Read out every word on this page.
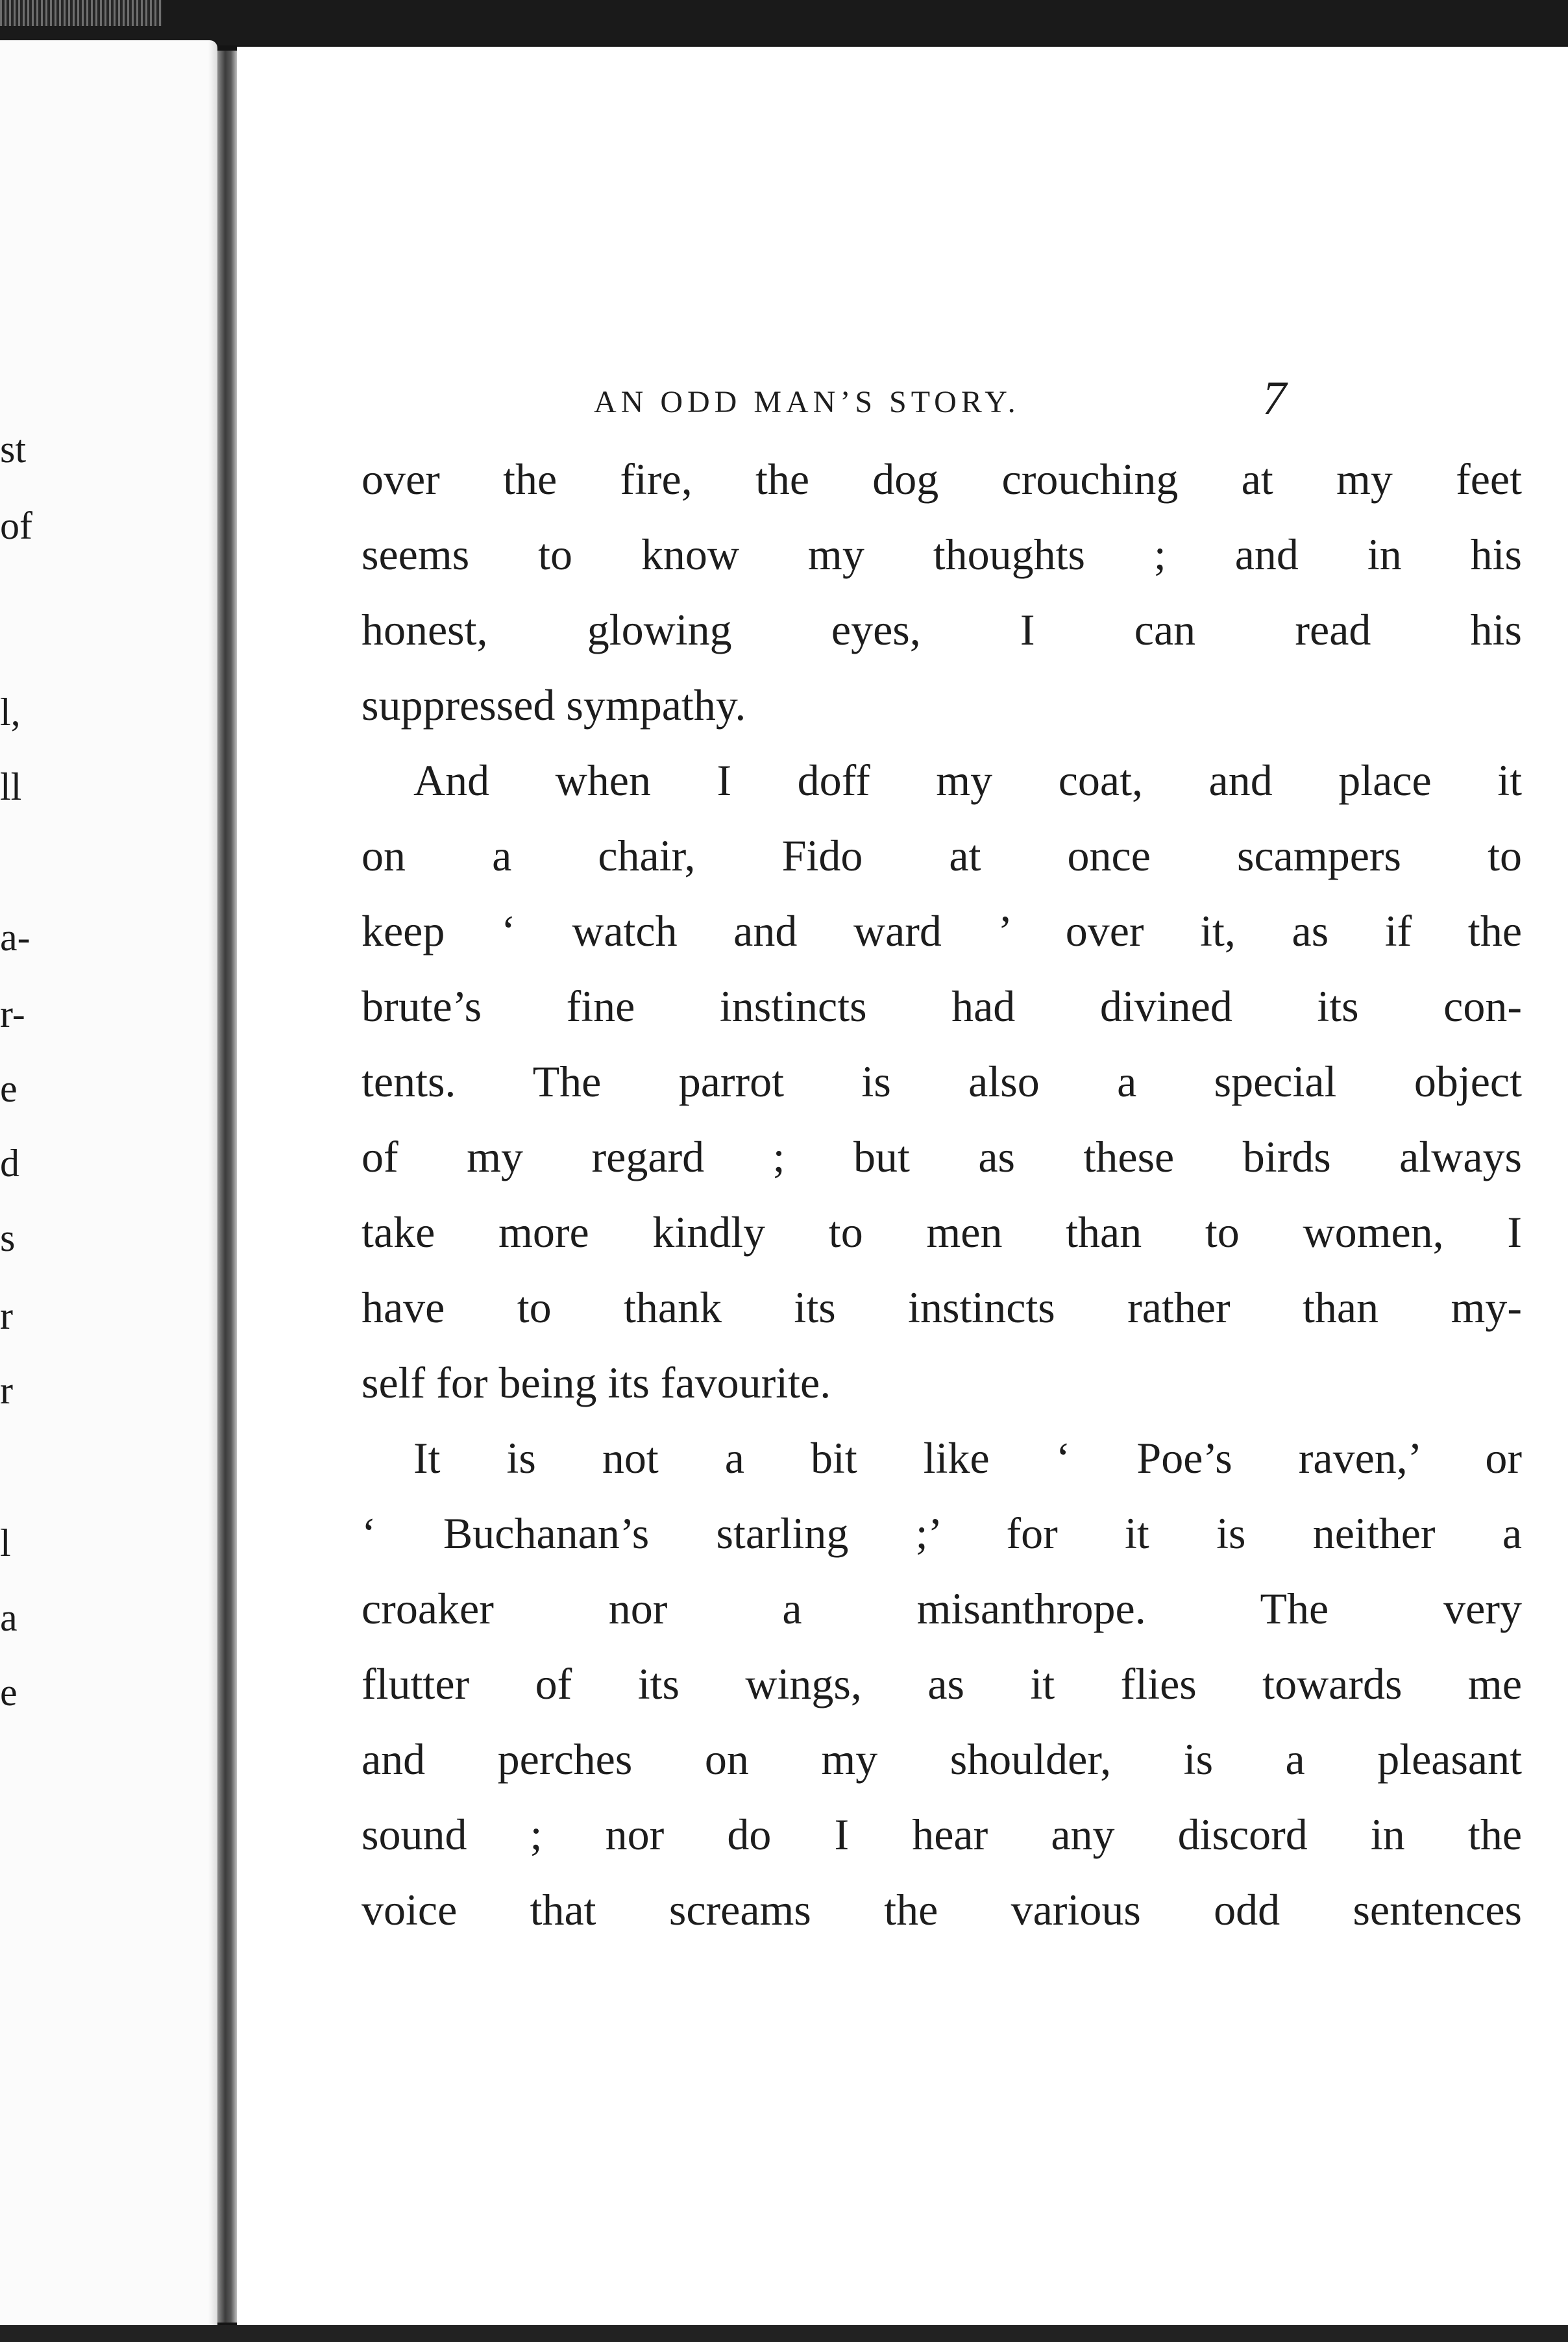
st
of
l,
ll
a-
r-
e
d
s
r
r
l
a
e
AN ODD MAN’S STORY.	7
over the fire, the dog crouching at my feet
seems to know my thoughts ; and in his
honest, glowing eyes, I can read his
suppressed sympathy.
And when I doff my coat, and place it
on a chair, Fido at once scampers to
keep ‘ watch and ward ’ over it, as if the
brute’s fine instincts had divined its con-
tents. The parrot is also a special object
of my regard ; but as these birds always
take more kindly to men than to women, I
have to thank its instincts rather than my-
self for being its favourite.
It is not a bit like ‘ Poe’s raven,’ or
‘ Buchanan’s starling ;’ for it is neither a
croaker nor a misanthrope. The very
flutter of its wings, as it flies towards me
and perches on my shoulder, is a pleasant
sound ; nor do I hear any discord in the
voice that screams the various odd sentences
